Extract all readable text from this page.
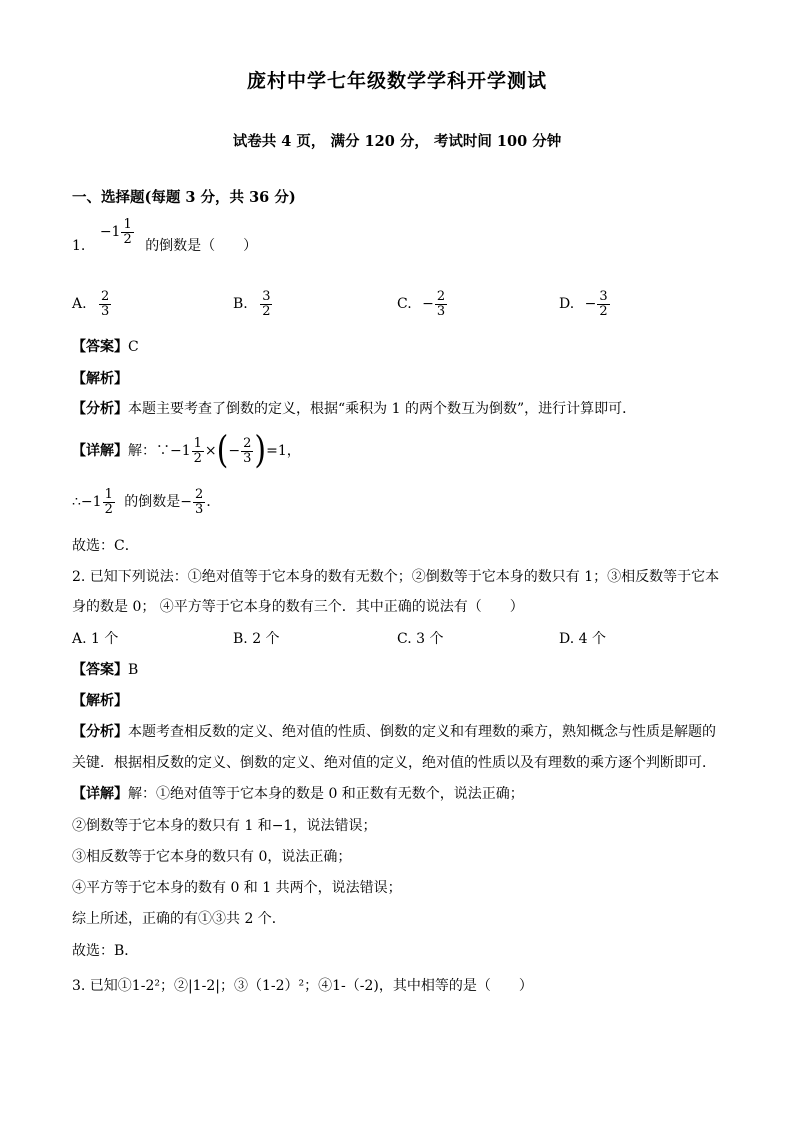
庞村中学七年级数学学科开学测试
试卷共 4 页， 满分 120 分， 考试时间 100 分钟
一、选择题(每题 3 分，共 36 分)
1. $-1 \frac{1}{2}$ 的倒数是（　　）
A. $\frac{2}{3}$	B. $\frac{3}{2}$	C. − $\frac{2}{3}$	D. − $\frac{3}{2}$
【答案】C
【解析】
【分析】本题主要考查了倒数的定义，根据“乘积为 1 的两个数互为倒数”，进行计算即可．
【详解】解：∵−1 $\frac{1}{2}$ ×(− $\frac{2}{3} )=1$，
∴−1 $\frac{1}{2}$ 的倒数是− $\frac{2}{3}$ ．
故选：C．
2. 已知下列说法：①绝对值等于它本身的数有无数个；②倒数等于它本身的数只有 1；③相反数等于它本
身的数是 0； ④平方等于它本身的数有三个．其中正确的说法有（　　）
A. 1 个	B. 2 个	C. 3 个	D. 4 个
【答案】B
【解析】
【分析】本题考查相反数的定义、绝对值的性质、倒数的定义和有理数的乘方，熟知概念与性质是解题的
关键．根据相反数的定义、倒数的定义、绝对值的定义，绝对值的性质以及有理数的乘方逐个判断即可．
【详解】解：①绝对值等于它本身的数是 0 和正数有无数个，说法正确；
②倒数等于它本身的数只有 1 和−1，说法错误；
③相反数等于它本身的数只有 0，说法正确；
④平方等于它本身的数有 0 和 1 共两个，说法错误；
综上所述，正确的有①③共 2 个．
故选：B．
3. 已知①1-2²；②|1-2|；③（1-2）²；④1-（-2)，其中相等的是（　　）
